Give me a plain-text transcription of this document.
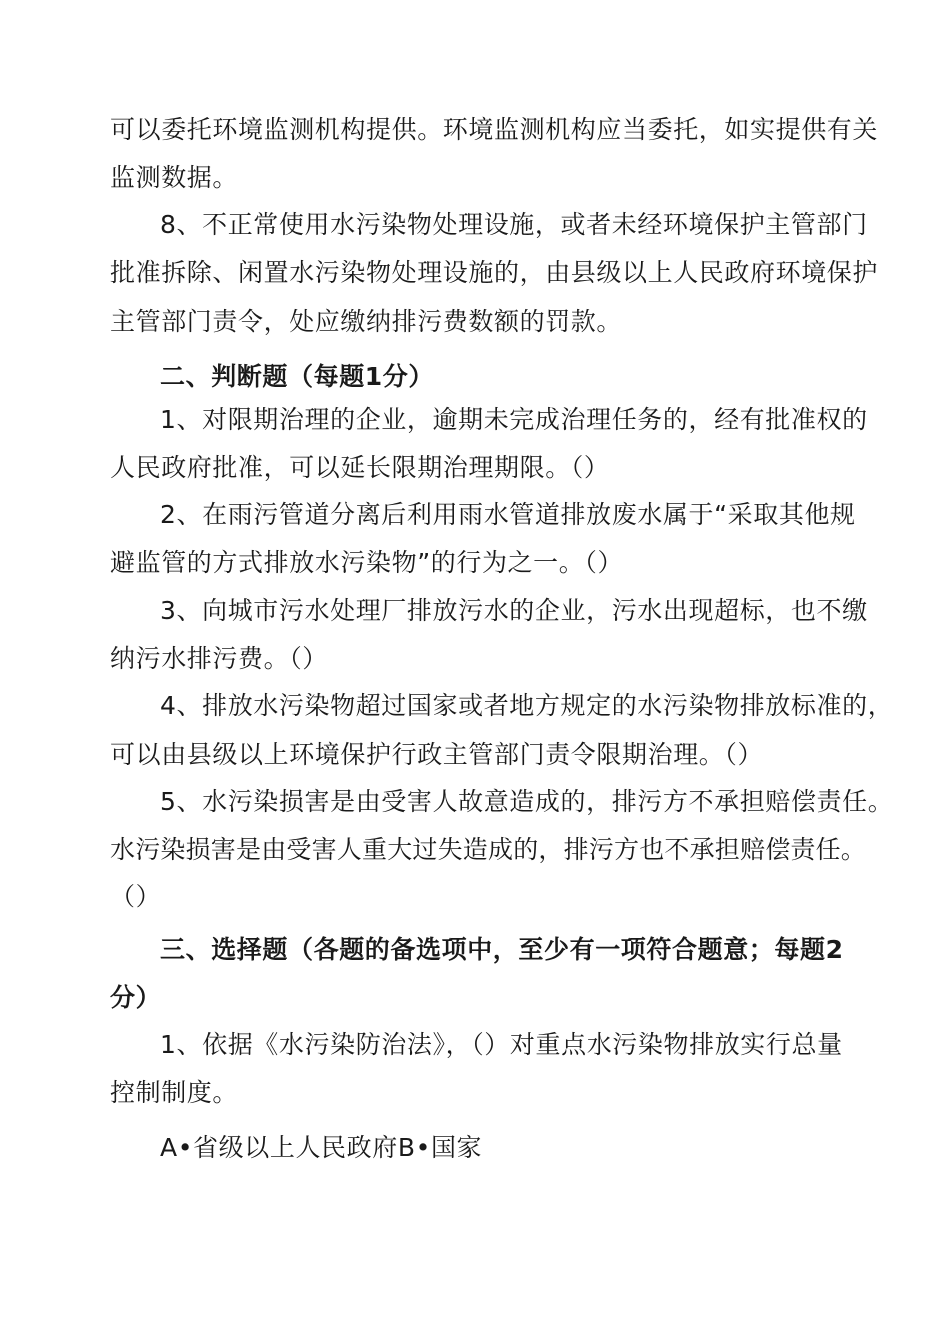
可以委托环境监测机构提供。环境监测机构应当委托，如实提供有关
监测数据。
8、不正常使用水污染物处理设施，或者未经环境保护主管部门
批准拆除、闲置水污染物处理设施的，由县级以上人民政府环境保护
主管部门责令，处应缴纳排污费数额的罚款。
二、判断题（每题1分）
1、对限期治理的企业，逾期未完成治理任务的，经有批准权的
人民政府批准，可以延长限期治理期限。（）
2、在雨污管道分离后利用雨水管道排放废水属于“采取其他规
避监管的方式排放水污染物”的行为之一。（）
3、向城市污水处理厂排放污水的企业，污水出现超标，也不缴
纳污水排污费。（）
4、排放水污染物超过国家或者地方规定的水污染物排放标准的，
可以由县级以上环境保护行政主管部门责令限期治理。（）
5、水污染损害是由受害人故意造成的，排污方不承担赔偿责任。
水污染损害是由受害人重大过失造成的，排污方也不承担赔偿责任。
（）
三、选择题（各题的备选项中，至少有一项符合题意；每题2
分）
1、依据《水污染防治法》，（）对重点水污染物排放实行总量
控制制度。
A•省级以上人民政府B•国家
